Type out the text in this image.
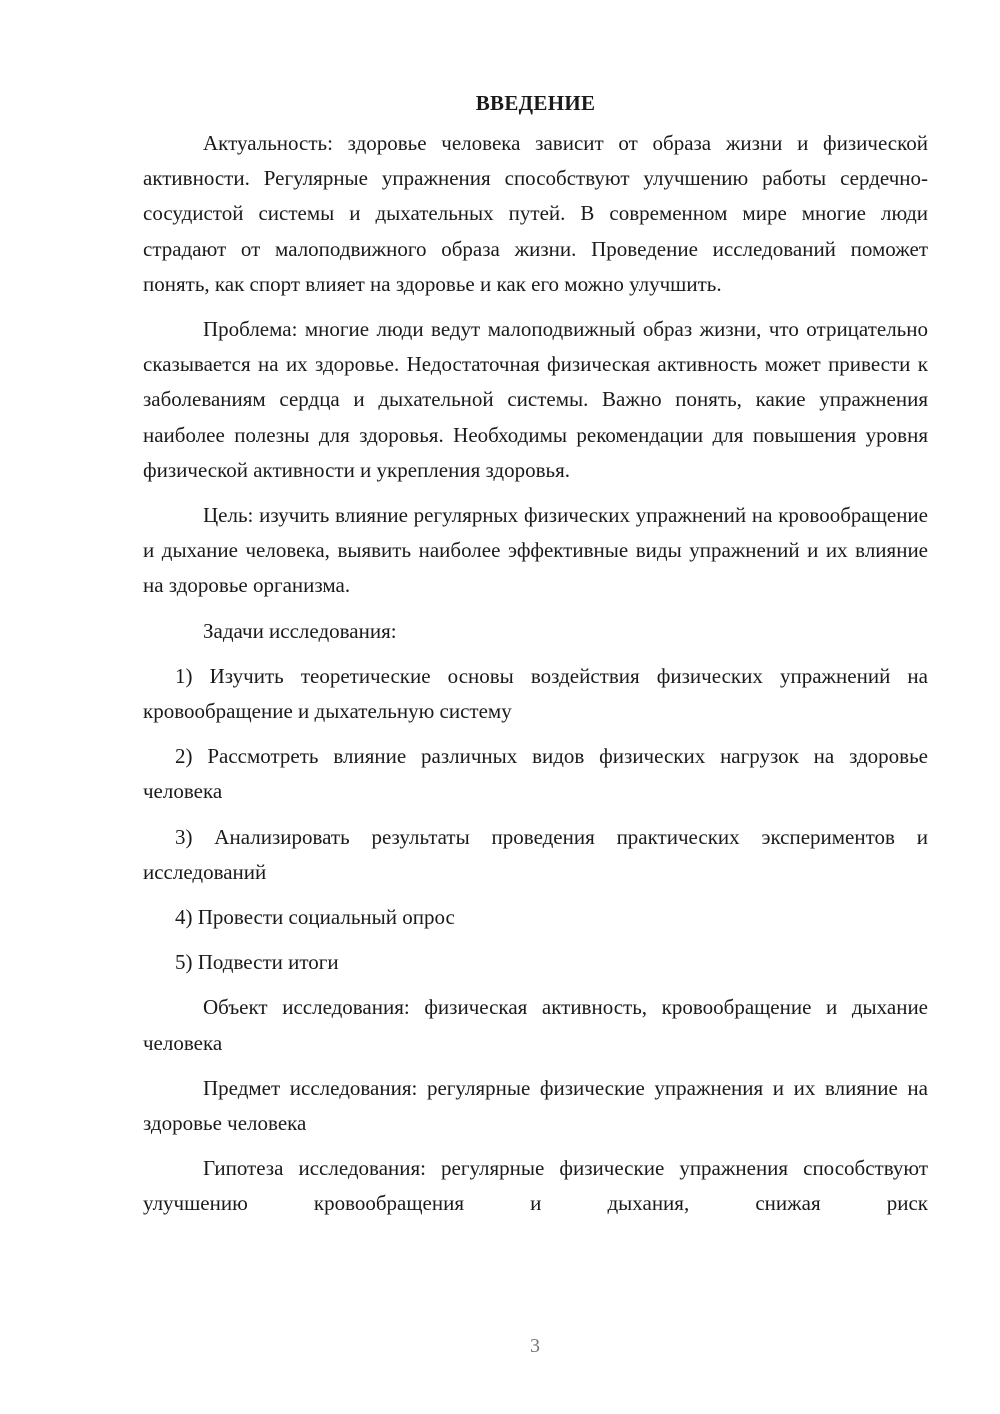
ВВЕДЕНИЕ

Актуальность: здоровье человека зависит от образа жизни и физической активности. Регулярные упражнения способствуют улучшению работы сердечно-сосудистой системы и дыхательных путей. В современном мире многие люди страдают от малоподвижного образа жизни. Проведение исследований поможет понять, как спорт влияет на здоровье и как его можно улучшить.

Проблема: многие люди ведут малоподвижный образ жизни, что отрицательно сказывается на их здоровье. Недостаточная физическая активность может привести к заболеваниям сердца и дыхательной системы. Важно понять, какие упражнения наиболее полезны для здоровья. Необходимы рекомендации для повышения уровня физической активности и укрепления здоровья.

Цель: изучить влияние регулярных физических упражнений на кровообращение и дыхание человека, выявить наиболее эффективные виды упражнений и их влияние на здоровье организма.

Задачи исследования:

1) Изучить теоретические основы воздействия физических упражнений на кровообращение и дыхательную систему

2) Рассмотреть влияние различных видов физических нагрузок на здоровье человека

3) Анализировать результаты проведения практических экспериментов и исследований

4) Провести социальный опрос

5) Подвести итоги

Объект исследования: физическая активность, кровообращение и дыхание человека

Предмет исследования: регулярные физические упражнения и их влияние на здоровье человека

Гипотеза исследования: регулярные физические упражнения способствуют улучшению кровообращения и дыхания, снижая риск

3
